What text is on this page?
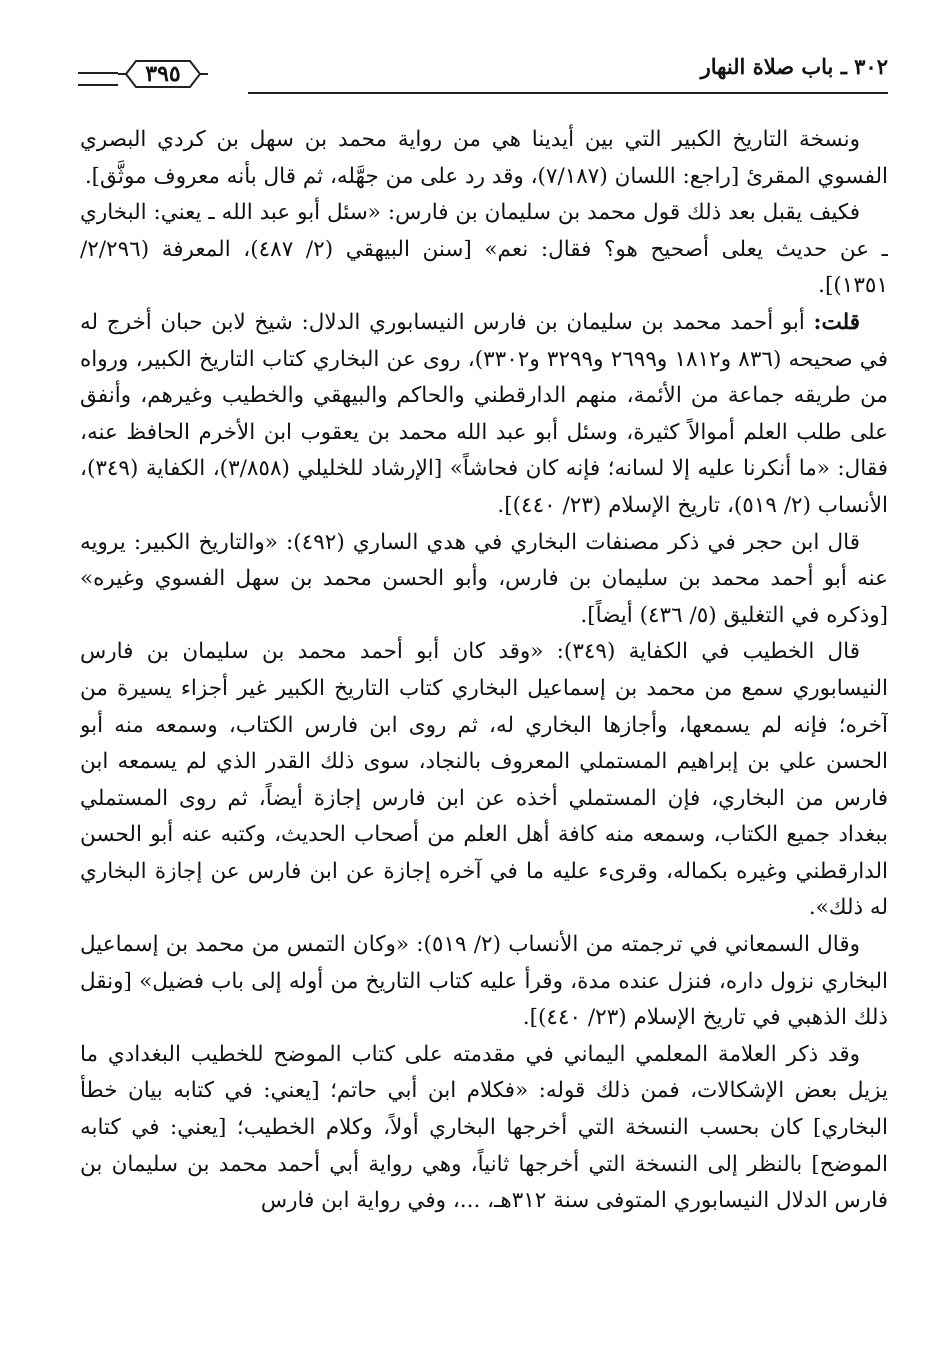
٣٠٢ ـ باب صلاة النهار
٣٩٥

ونسخة التاريخ الكبير التي بين أيدينا هي من رواية محمد بن سهل بن كردي البصري الفسوي المقرئ [راجع: اللسان (٧/١٨٧)، وقد رد على من جهَّله، ثم قال بأنه معروف موثَّق].

فكيف يقبل بعد ذلك قول محمد بن سليمان بن فارس: «سئل أبو عبد الله ـ يعني: البخاري ـ عن حديث يعلى أصحيح هو؟ فقال: نعم» [سنن البيهقي (٢/ ٤٨٧)، المعرفة (٢/٢٩٦/ ١٣٥١)].

قلت: أبو أحمد محمد بن سليمان بن فارس النيسابوري الدلال: شيخ لابن حبان أخرج له في صحيحه (٨٣٦ و١٨١٢ و٢٦٩٩ و٣٢٩٩ و٣٣٠٢)، روى عن البخاري كتاب التاريخ الكبير، ورواه من طريقه جماعة من الأئمة، منهم الدارقطني والحاكم والبيهقي والخطيب وغيرهم، وأنفق على طلب العلم أموالاً كثيرة، وسئل أبو عبد الله محمد بن يعقوب ابن الأخرم الحافظ عنه، فقال: «ما أنكرنا عليه إلا لسانه؛ فإنه كان فحاشاً» [الإرشاد للخليلي (٣/٨٥٨)، الكفاية (٣٤٩)، الأنساب (٢/ ٥١٩)، تاريخ الإسلام (٢٣/ ٤٤٠)].

قال ابن حجر في ذكر مصنفات البخاري في هدي الساري (٤٩٢): «والتاريخ الكبير: يرويه عنه أبو أحمد محمد بن سليمان بن فارس، وأبو الحسن محمد بن سهل الفسوي وغيره» [وذكره في التغليق (٥/ ٤٣٦) أيضاً].

قال الخطيب في الكفاية (٣٤٩): «وقد كان أبو أحمد محمد بن سليمان بن فارس النيسابوري سمع من محمد بن إسماعيل البخاري كتاب التاريخ الكبير غير أجزاء يسيرة من آخره؛ فإنه لم يسمعها، وأجازها البخاري له، ثم روى ابن فارس الكتاب، وسمعه منه أبو الحسن علي بن إبراهيم المستملي المعروف بالنجاد، سوى ذلك القدر الذي لم يسمعه ابن فارس من البخاري، فإن المستملي أخذه عن ابن فارس إجازة أيضاً، ثم روى المستملي ببغداد جميع الكتاب، وسمعه منه كافة أهل العلم من أصحاب الحديث، وكتبه عنه أبو الحسن الدارقطني وغيره بكماله، وقرىء عليه ما في آخره إجازة عن ابن فارس عن إجازة البخاري له ذلك».

وقال السمعاني في ترجمته من الأنساب (٢/ ٥١٩): «وكان التمس من محمد بن إسماعيل البخاري نزول داره، فنزل عنده مدة، وقرأ عليه كتاب التاريخ من أوله إلى باب فضيل» [ونقل ذلك الذهبي في تاريخ الإسلام (٢٣/ ٤٤٠)].

وقد ذكر العلامة المعلمي اليماني في مقدمته على كتاب الموضح للخطيب البغدادي ما يزيل بعض الإشكالات، فمن ذلك قوله: «فكلام ابن أبي حاتم؛ [يعني: في كتابه بيان خطأ البخاري] كان بحسب النسخة التي أخرجها البخاري أولاً، وكلام الخطيب؛ [يعني: في كتابه الموضح] بالنظر إلى النسخة التي أخرجها ثانياً، وهي رواية أبي أحمد محمد بن سليمان بن فارس الدلال النيسابوري المتوفى سنة ٣١٢هـ، ...، وفي رواية ابن فارس
